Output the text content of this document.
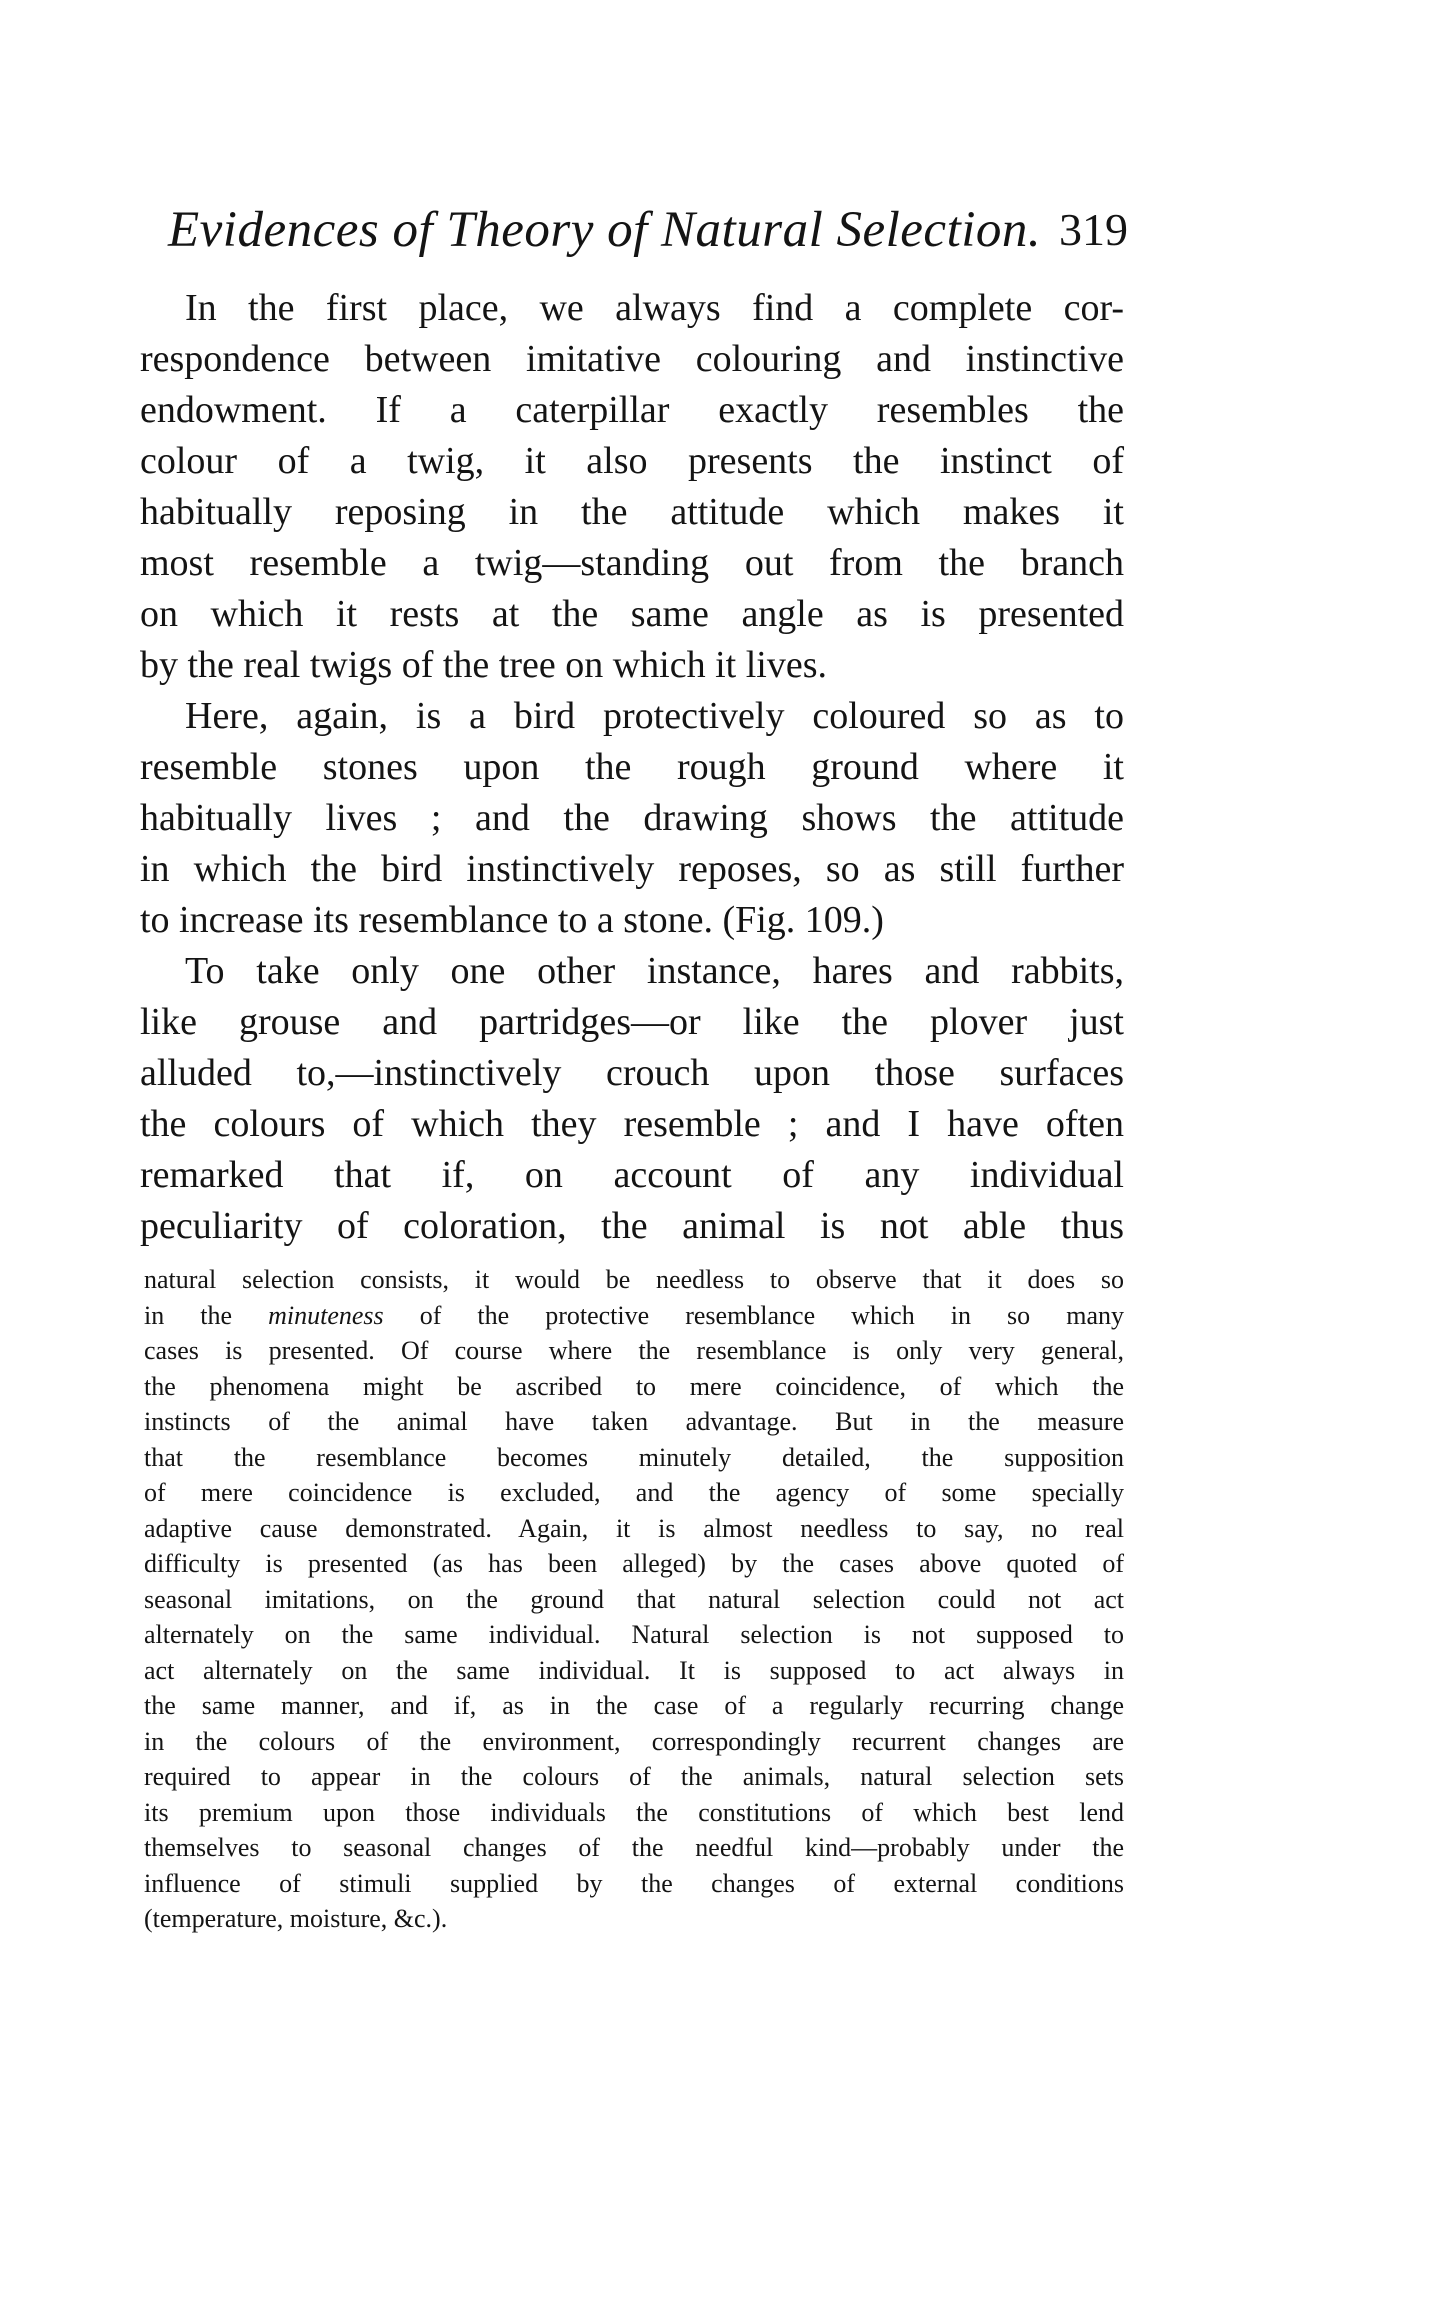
Evidences of Theory of Natural Selection. 319
In the first place, we always find a complete cor-
respondence between imitative colouring and instinctive
endowment. If a caterpillar exactly resembles the
colour of a twig, it also presents the instinct of
habitually reposing in the attitude which makes it
most resemble a twig—standing out from the branch
on which it rests at the same angle as is presented
by the real twigs of the tree on which it lives.
Here, again, is a bird protectively coloured so as to
resemble stones upon the rough ground where it
habitually lives ; and the drawing shows the attitude
in which the bird instinctively reposes, so as still further
to increase its resemblance to a stone. (Fig. 109.)
To take only one other instance, hares and rabbits,
like grouse and partridges—or like the plover just
alluded to,—instinctively crouch upon those surfaces
the colours of which they resemble ; and I have often
remarked that if, on account of any individual
peculiarity of coloration, the animal is not able thus
natural selection consists, it would be needless to observe that it does so
in the minuteness of the protective resemblance which in so many
cases is presented. Of course where the resemblance is only very general,
the phenomena might be ascribed to mere coincidence, of which the
instincts of the animal have taken advantage. But in the measure
that the resemblance becomes minutely detailed, the supposition
of mere coincidence is excluded, and the agency of some specially
adaptive cause demonstrated. Again, it is almost needless to say, no real
difficulty is presented (as has been alleged) by the cases above quoted of
seasonal imitations, on the ground that natural selection could not act
alternately on the same individual. Natural selection is not supposed to
act alternately on the same individual. It is supposed to act always in
the same manner, and if, as in the case of a regularly recurring change
in the colours of the environment, correspondingly recurrent changes are
required to appear in the colours of the animals, natural selection sets
its premium upon those individuals the constitutions of which best lend
themselves to seasonal changes of the needful kind—probably under the
influence of stimuli supplied by the changes of external conditions
(temperature, moisture, &c.).
